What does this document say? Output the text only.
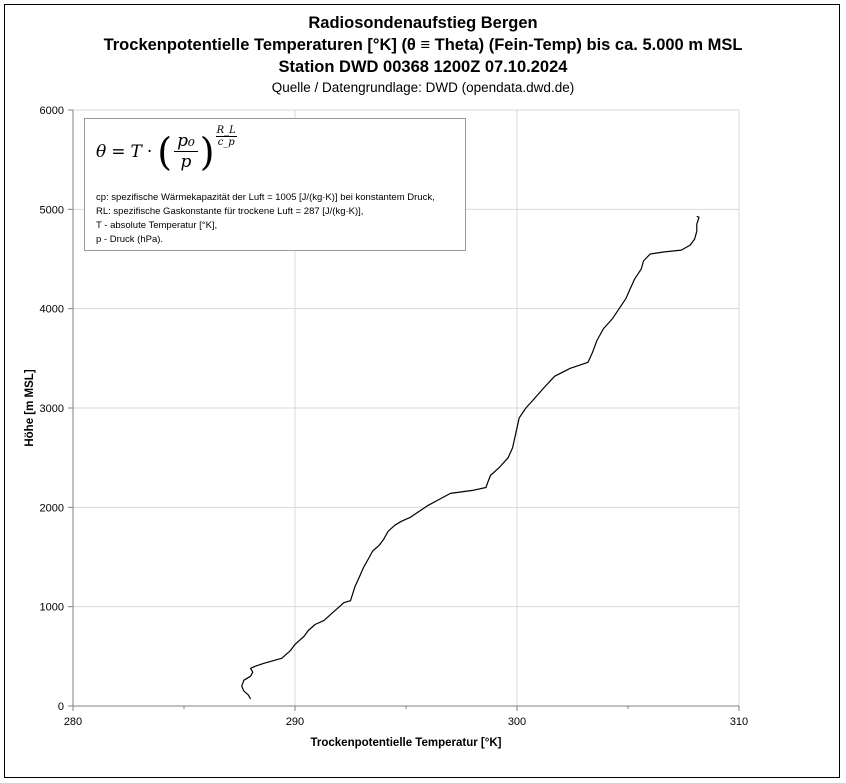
Radiosondenaufstieg Bergen
Trockenpotentielle Temperaturen [°K] (θ ≡ Theta) (Fein-Temp) bis ca. 5.000 m MSL
Station DWD 00368 1200Z 07.10.2024
Quelle / Datengrundlage: DWD (opendata.dwd.de)
0
1000
2000
3000
4000
5000
6000
280	290	300	310
Trockenpotentielle Temperatur [°K]
Höhe [m MSL]
θ = T · ( $\frac{\text{p₀}}{p}$ ) $\frac{R\_L}{c\_p}$
cp: spezifische Wärmekapazität der Luft = 1005 [J/(kg·K)] bei konstantem Druck,
RL: spezifische Gaskonstante für trockene Luft = 287 [J/(kg·K)],
T - absolute Temperatur [°K],
p - Druck (hPa).
